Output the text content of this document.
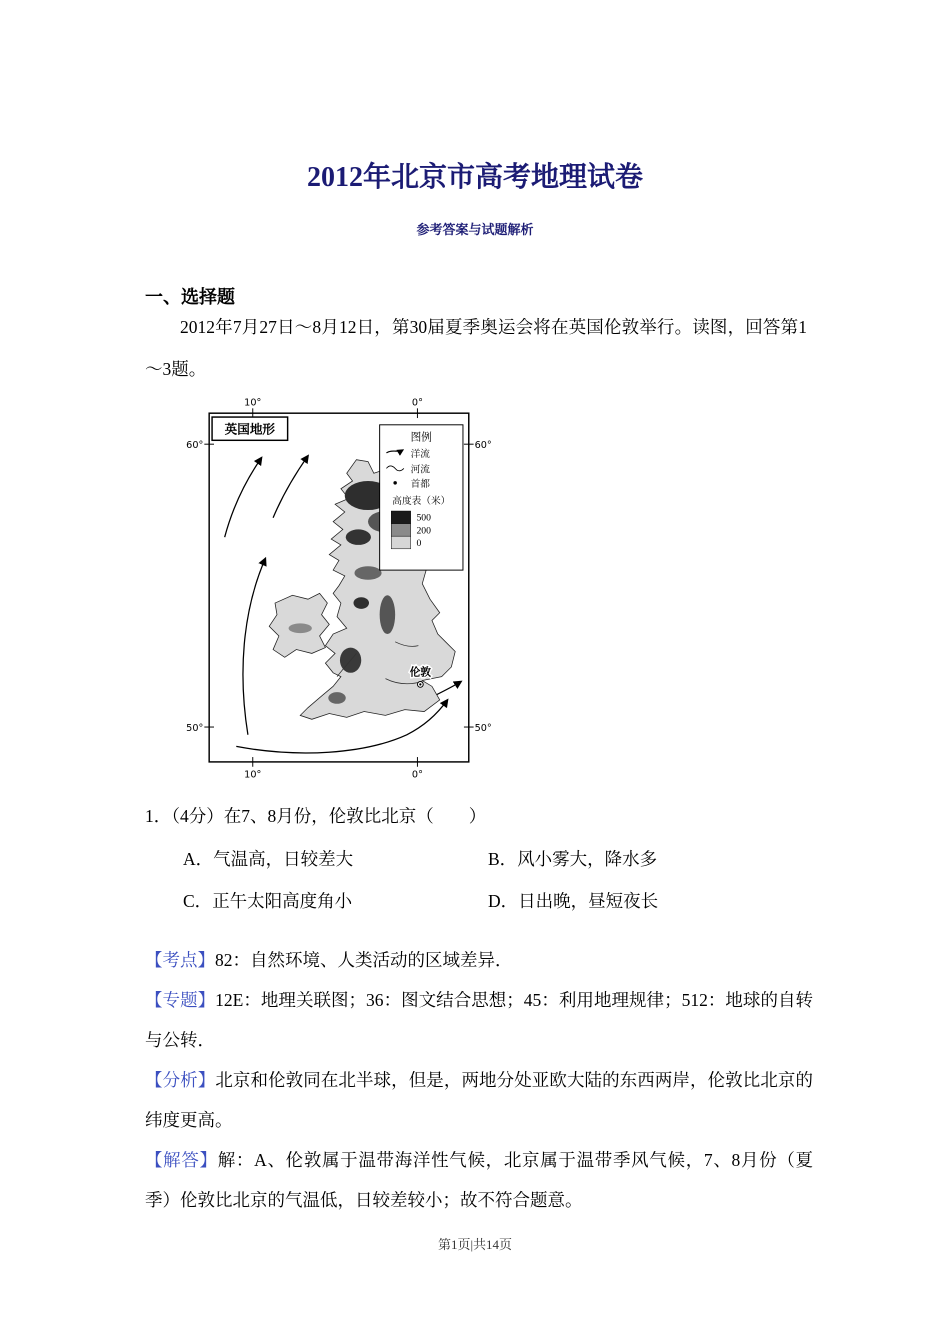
2012年北京市高考地理试卷
参考答案与试题解析
一、选择题

2012年7月27日～8月12日，第30届夏季奥运会将在英国伦敦举行。读图，回答第1～3题。

10°	0°
10°	0°
60°	60°
50°	50°
伦敦
英国地形
图例
洋流
河流
首都
高度表（米）
500
200
0

1．（4分）在7、8月份，伦敦比北京（　　）

A．气温高，日较差大	B．风小雾大，降水多
C．正午太阳高度角小	D．日出晚，昼短夜长

【考点】82：自然环境、人类活动的区域差异．

【专题】12E：地理关联图；36：图文结合思想；45：利用地理规律；512：地球的自转与公转．

【分析】北京和伦敦同在北半球，但是，两地分处亚欧大陆的东西两岸，伦敦比北京的纬度更高。

【解答】解：A、伦敦属于温带海洋性气候，北京属于温带季风气候，7、8月份（夏季）伦敦比北京的气温低，日较差较小；故不符合题意。

第1页|共14页
